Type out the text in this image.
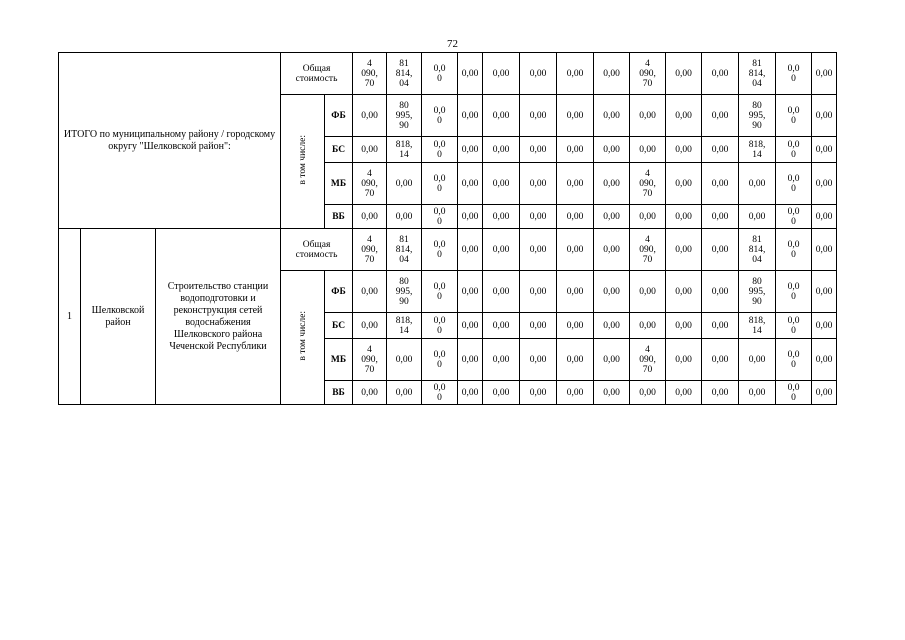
72
ИТОГО по муниципальному району / городскому округу "Шелковской район":			Общая стоимость		4
090,
70	81
814,
04	0,0
0	0,00	0,00	0,00	0,00	0,00	4
090,
70	0,00	0,00	81
814,
04	0,0
0	0,00
			в том числе:	ФБ	0,00	80
995,
90	0,0
0	0,00	0,00	0,00	0,00	0,00	0,00	0,00	0,00	80
995,
90	0,0
0	0,00
				БС	0,00	818,
14	0,0
0	0,00	0,00	0,00	0,00	0,00	0,00	0,00	0,00	818,
14	0,0
0	0,00
				МБ	4
090,
70	0,00	0,0
0	0,00	0,00	0,00	0,00	0,00	4
090,
70	0,00	0,00	0,00	0,0
0	0,00
				ВБ	0,00	0,00	0,0
0	0,00	0,00	0,00	0,00	0,00	0,00	0,00	0,00	0,00	0,0
0	0,00
1	Шелковской район	Строительство станции водоподготовки и реконструкция сетей водоснабжения Шелковского района Чеченской Республики	Общая стоимость		4
090,
70	81
814,
04	0,0
0	0,00	0,00	0,00	0,00	0,00	4
090,
70	0,00	0,00	81
814,
04	0,0
0	0,00
			в том числе:	ФБ	0,00	80
995,
90	0,0
0	0,00	0,00	0,00	0,00	0,00	0,00	0,00	0,00	80
995,
90	0,0
0	0,00
				БС	0,00	818,
14	0,0
0	0,00	0,00	0,00	0,00	0,00	0,00	0,00	0,00	818,
14	0,0
0	0,00
				МБ	4
090,
70	0,00	0,0
0	0,00	0,00	0,00	0,00	0,00	4
090,
70	0,00	0,00	0,00	0,0
0	0,00
				ВБ	0,00	0,00	0,0
0	0,00	0,00	0,00	0,00	0,00	0,00	0,00	0,00	0,00	0,0
0	0,00
